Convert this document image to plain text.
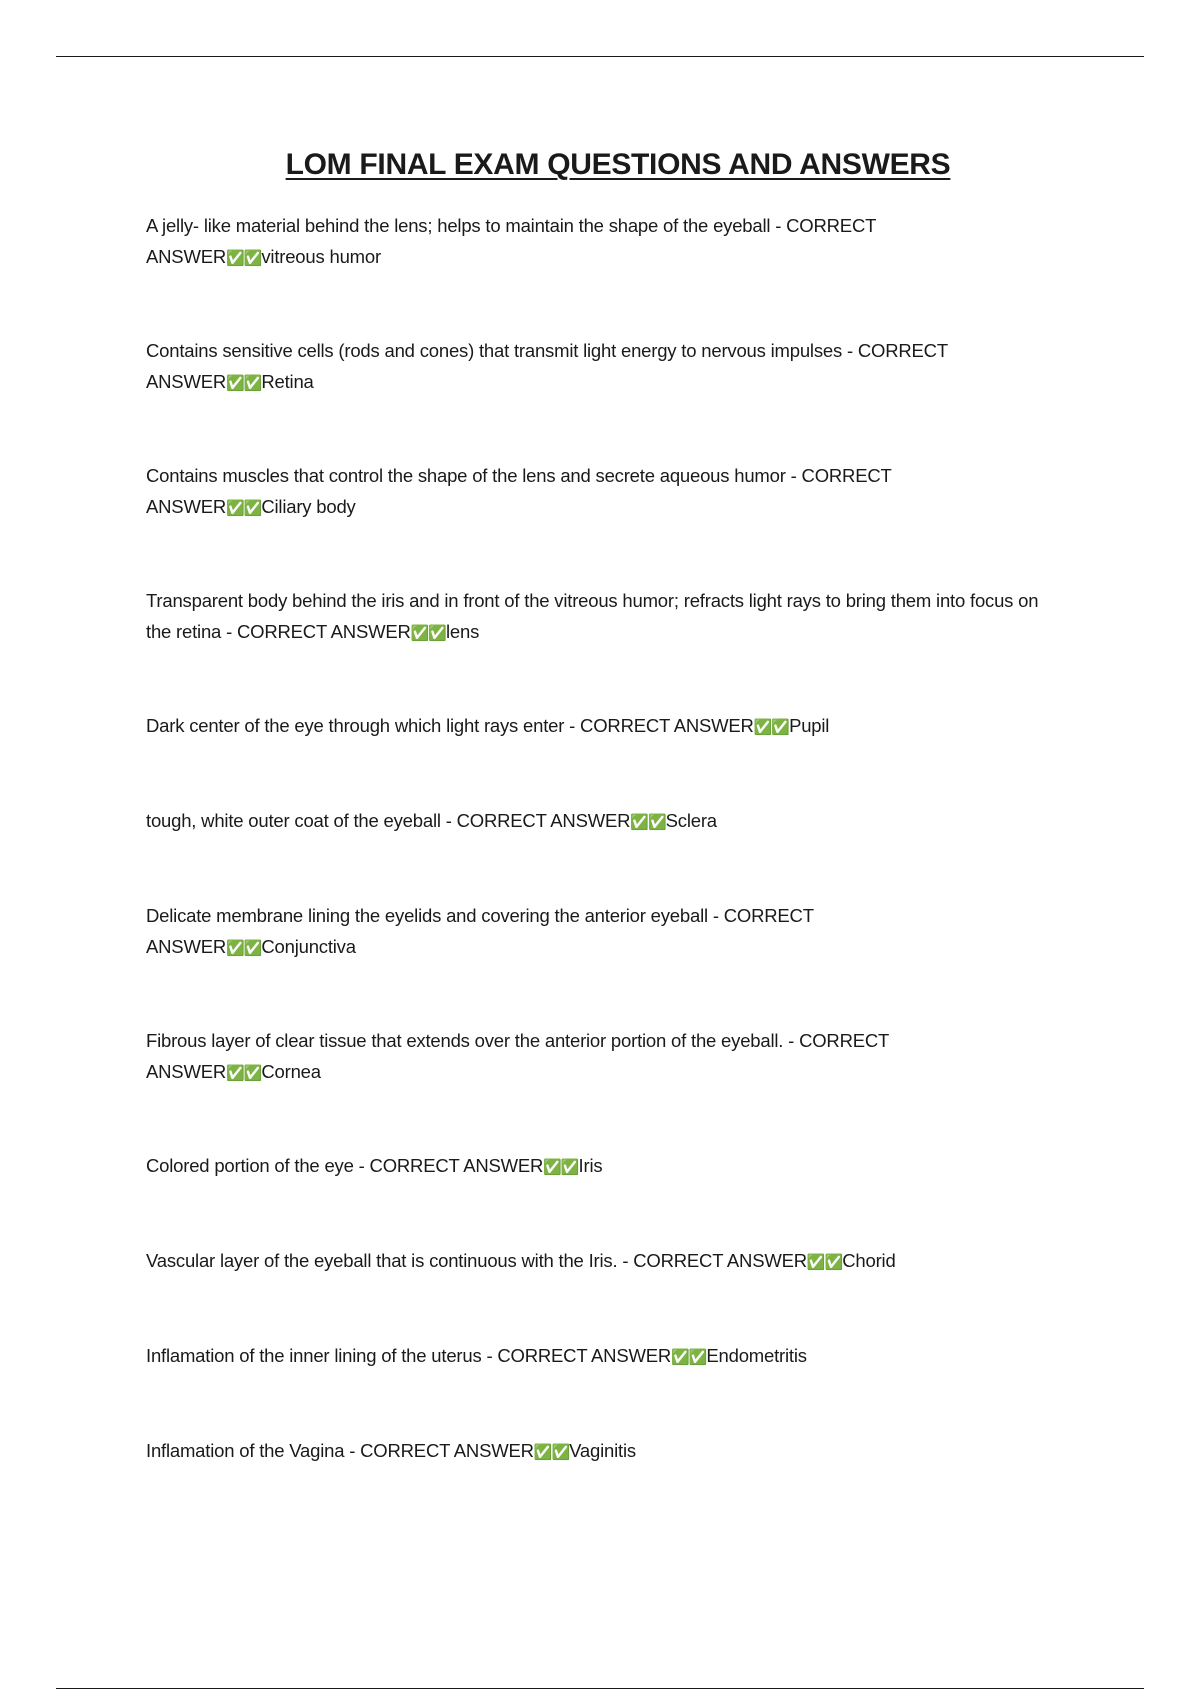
LOM FINAL EXAM QUESTIONS AND ANSWERS
A jelly- like material behind the lens; helps to maintain the shape of the eyeball - CORRECT
ANSWER✅✅vitreous humor
Contains sensitive cells (rods and cones) that transmit light energy to nervous impulses - CORRECT
ANSWER✅✅Retina
Contains muscles that control the shape of the lens and secrete aqueous humor - CORRECT
ANSWER✅✅Ciliary body
Transparent body behind the iris and in front of the vitreous humor; refracts light rays to bring them into focus on the retina - CORRECT ANSWER✅✅lens
Dark center of the eye through which light rays enter - CORRECT ANSWER✅✅Pupil
tough, white outer coat of the eyeball - CORRECT ANSWER✅✅Sclera
Delicate membrane lining the eyelids and covering the anterior eyeball - CORRECT
ANSWER✅✅Conjunctiva
Fibrous layer of clear tissue that extends over the anterior portion of the eyeball. - CORRECT
ANSWER✅✅Cornea
Colored portion of the eye - CORRECT ANSWER✅✅Iris
Vascular layer of the eyeball that is continuous with the Iris. - CORRECT ANSWER✅✅Chorid
Inflamation of the inner lining of the uterus - CORRECT ANSWER✅✅Endometritis
Inflamation of the Vagina - CORRECT ANSWER✅✅Vaginitis
